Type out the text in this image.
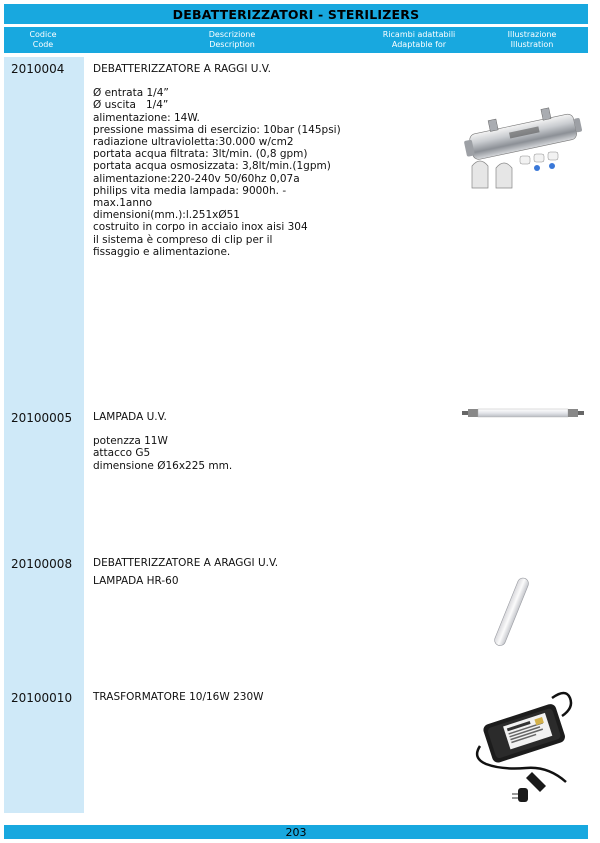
DEBATTERIZZATORI - STERILIZERS
Codice
Code
Descrizione
Description
Ricambi adattabili
Adaptable for
Illustrazione
Illustration
2010004	DEBATTERIZZATORE A RAGGI U.V.
Ø entrata 1/4”
Ø uscita   1/4”
alimentazione: 14W.
pressione massima di esercizio: 10bar (145psi)
radiazione ultravioletta:30.000 w/cm2
portata acqua filtrata: 3lt/min. (0,8 gpm)
portata acqua osmosizzata: 3,8lt/min.(1gpm)
alimentazione:220-240v 50/60hz 0,07a
philips vita media lampada: 9000h. -
max.1anno
dimensioni(mm.):l.251xØ51
costruito in corpo in acciaio inox aisi 304
il sistema è compreso di clip per il
fissaggio e alimentazione.
20100005 LAMPADA U.V.
potenzza 11W
attacco G5
dimensione Ø16x225 mm.
20100008 DEBATTERIZZATORE A ARAGGI U.V.
LAMPADA HR-60
20100010 TRASFORMATORE 10/16W 230W
203
